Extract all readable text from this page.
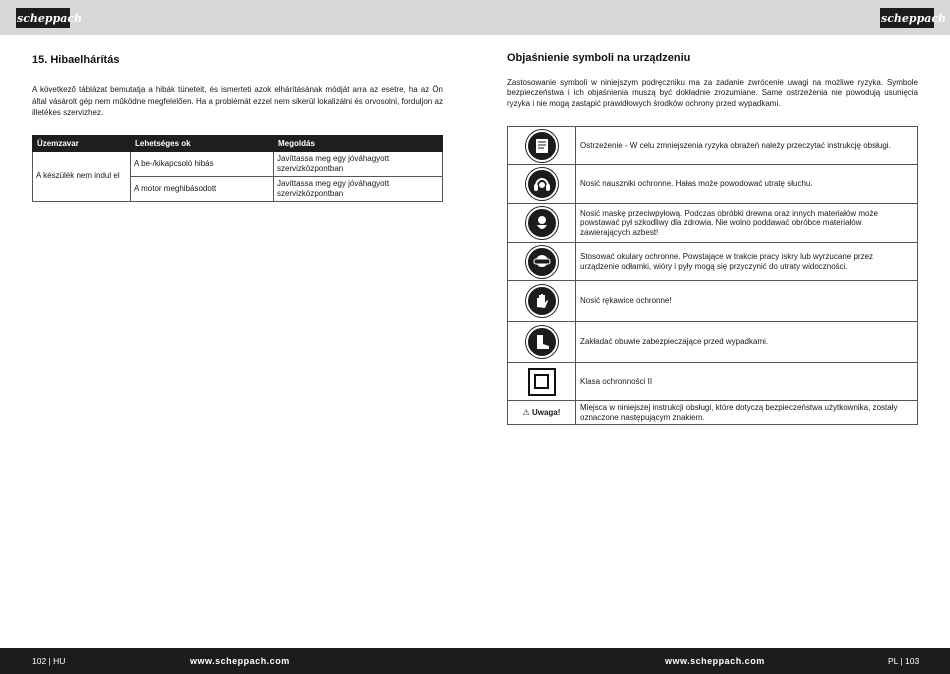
scheppach	scheppach
15. Hibaelhárítás

A következő táblázat bemutatja a hibák tüneteit, és ismerteti azok elhárításának módját arra az esetre, ha az Ön által vásárolt gép nem működne megfelelően. Ha a problémát ezzel nem sikerül lokalizálni és orvosolni, forduljon az illetékes szervizhez.

Üzemzavar	Lehetséges ok	Megoldás
A készülék nem indul el	A be-/kikapcsoló hibás	Javíttassa meg egy jóváhagyott szervizközpontban
	A motor meghibásodott	Javíttassa meg egy jóváhagyott szervizközpontban
Objaśnienie symboli na urządzeniu

Zastosowanie symboli w niniejszym podręczniku ma za zadanie zwrócenie uwagi na możliwe ryzyka. Symbole bezpieczeństwa i ich objaśnienia muszą być dokładnie zrozumiane. Same ostrzeżenia nie powodują usunięcia ryzyka i nie mogą zastąpić prawidłowych środków ochrony przed wypadkami.

	Ostrzeżenie - W celu zmniejszenia ryzyka obrażeń należy przeczytać instrukcję obsługi.

	Nosić nauszniki ochronne. Hałas może powodować utratę słuchu.

	Nosić maskę przeciwpyłową. Podczas obróbki drewna oraz innych materiałów może powstawać pył szkodliwy dla zdrowia. Nie wolno poddawać obróbce materiałów zawierających azbest!

	Stosować okulary ochronne. Powstające w trakcie pracy iskry lub wyrzucane przez urządzenie odłamki, wióry i pyły mogą się przyczynić do utraty widoczności.

	Nosić rękawice ochronne!

	Zakładać obuwie zabezpieczające przed wypadkami.

	Klasa ochronności II
⚠ Uwaga!	Miejsca w niniejszej instrukcji obsługi, które dotyczą bezpieczeństwa użytkownika, zostały oznaczone następującym znakiem.
102 | HU	www.scheppach.com	www.scheppach.com	PL | 103
